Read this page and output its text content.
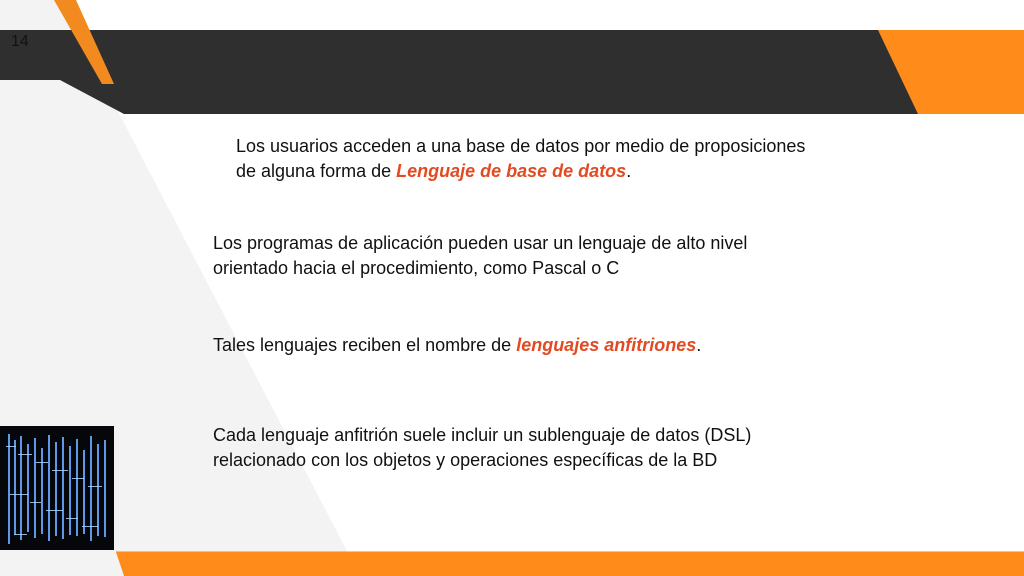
14
Los usuarios acceden a una base de datos por medio de proposiciones
de alguna forma de Lenguaje de base de datos.
Los programas de aplicación pueden usar un lenguaje de alto nivel
orientado hacia el procedimiento, como Pascal o C
Tales lenguajes reciben el nombre de lenguajes anfitriones.
Cada lenguaje anfitrión suele incluir un sublenguaje de datos (DSL)
relacionado con los objetos y operaciones específicas de la BD
